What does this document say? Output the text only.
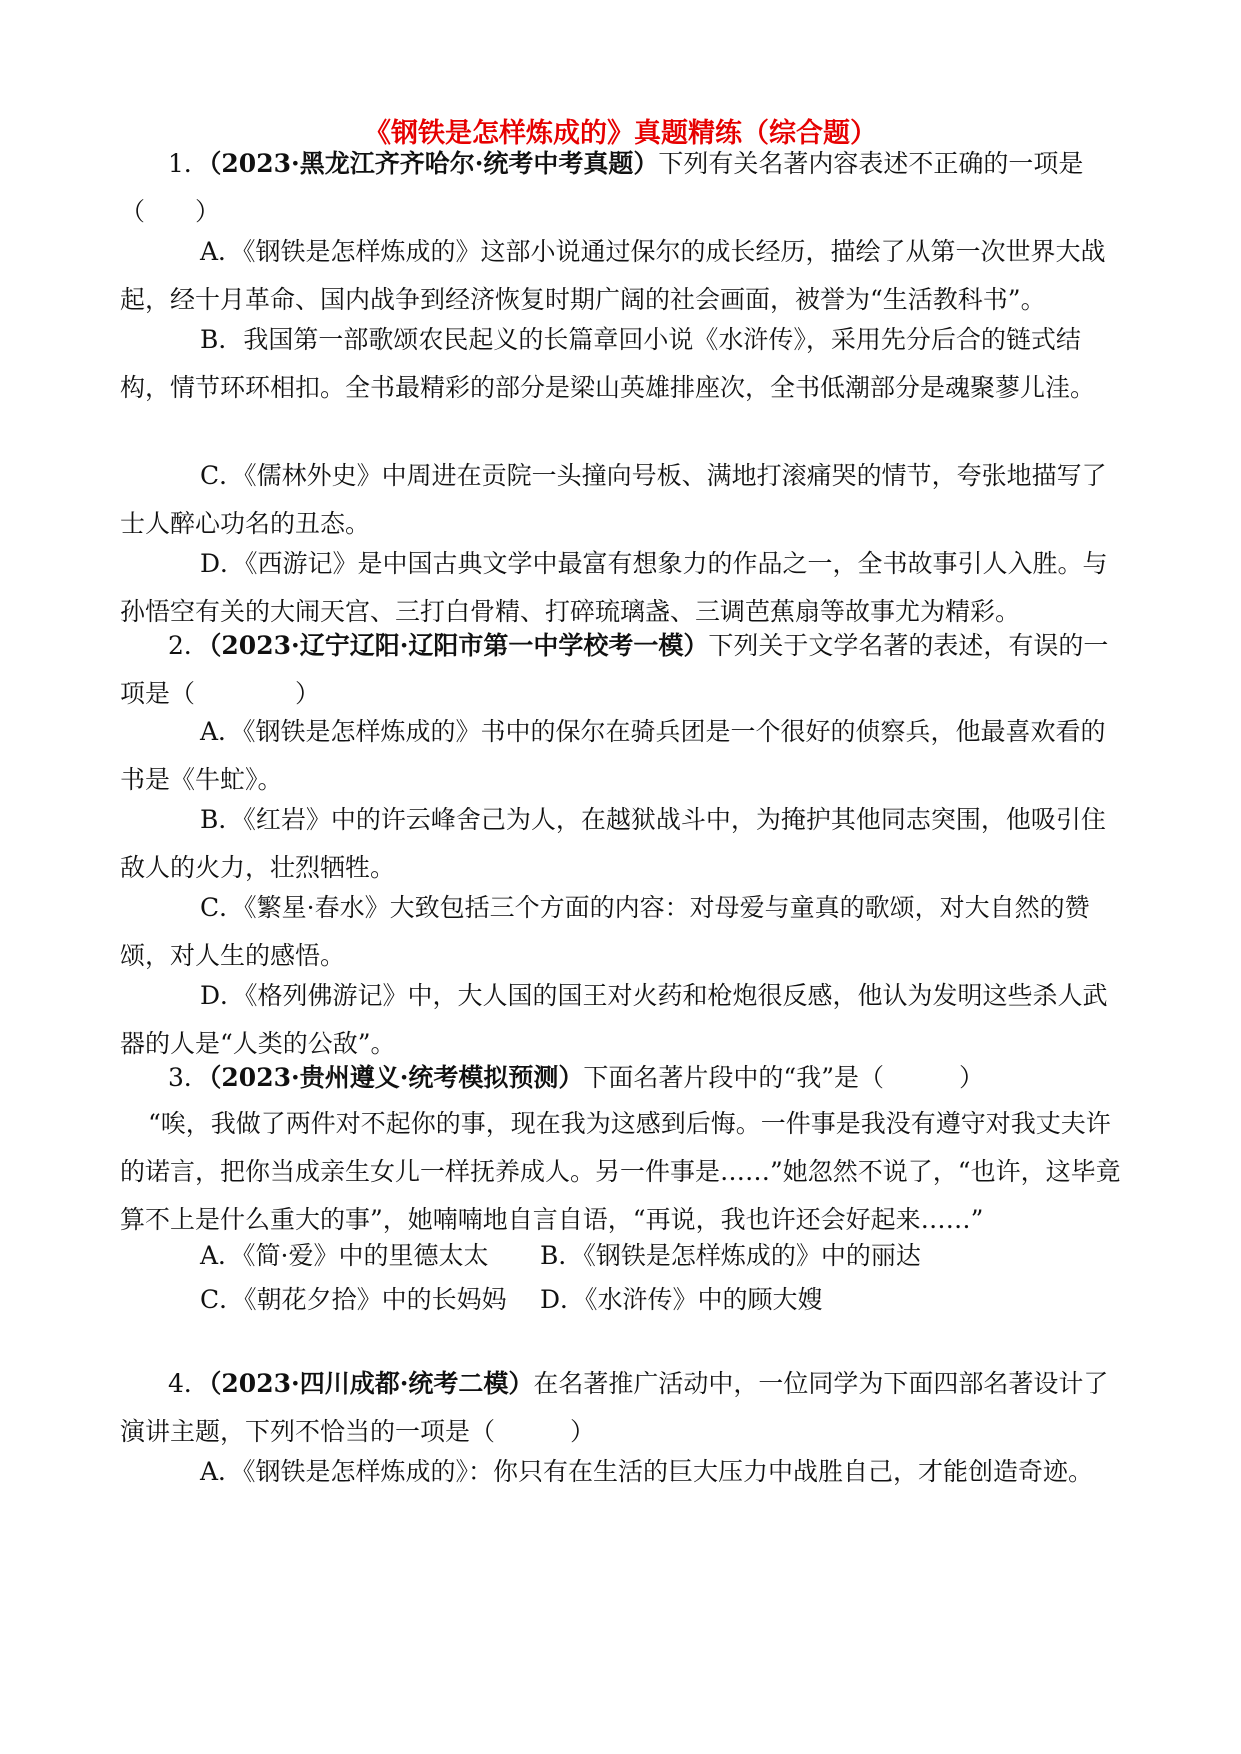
《钢铁是怎样炼成的》真题精练（综合题）
1．（2023·黑龙江齐齐哈尔·统考中考真题）下列有关名著内容表述不正确的一项是（　　）
A．《钢铁是怎样炼成的》这部小说通过保尔的成长经历，描绘了从第一次世界大战起，经十月革命、国内战争到经济恢复时期广阔的社会画面，被誉为“生活教科书”。
B．我国第一部歌颂农民起义的长篇章回小说《水浒传》，采用先分后合的链式结构，情节环环相扣。全书最精彩的部分是梁山英雄排座次，全书低潮部分是魂聚蓼儿洼。
C．《儒林外史》中周进在贡院一头撞向号板、满地打滚痛哭的情节，夸张地描写了士人醉心功名的丑态。
D．《西游记》是中国古典文学中最富有想象力的作品之一，全书故事引人入胜。与孙悟空有关的大闹天宫、三打白骨精、打碎琉璃盏、三调芭蕉扇等故事尤为精彩。
2．（2023·辽宁辽阳·辽阳市第一中学校考一模）下列关于文学名著的表述，有误的一项是（　　　　）
A．《钢铁是怎样炼成的》书中的保尔在骑兵团是一个很好的侦察兵，他最喜欢看的书是《牛虻》。
B．《红岩》中的许云峰舍己为人，在越狱战斗中，为掩护其他同志突围，他吸引住敌人的火力，壮烈牺牲。
C．《繁星·春水》大致包括三个方面的内容：对母爱与童真的歌颂，对大自然的赞颂，对人生的感悟。
D．《格列佛游记》中，大人国的国王对火药和枪炮很反感，他认为发明这些杀人武器的人是“人类的公敌”。
3．（2023·贵州遵义·统考模拟预测）下面名著片段中的“我”是（　　　）
“唉，我做了两件对不起你的事，现在我为这感到后悔。一件事是我没有遵守对我丈夫许的诺言，把你当成亲生女儿一样抚养成人。另一件事是……”她忽然不说了，“也许，这毕竟算不上是什么重大的事”，她喃喃地自言自语，“再说，我也许还会好起来……”
A．《简·爱》中的里德太太 B．《钢铁是怎样炼成的》中的丽达
C．《朝花夕拾》中的长妈妈 D．《水浒传》中的顾大嫂
4．（2023·四川成都·统考二模）在名著推广活动中，一位同学为下面四部名著设计了演讲主题，下列不恰当的一项是（　　　）
A．《钢铁是怎样炼成的》：你只有在生活的巨大压力中战胜自己，才能创造奇迹。
